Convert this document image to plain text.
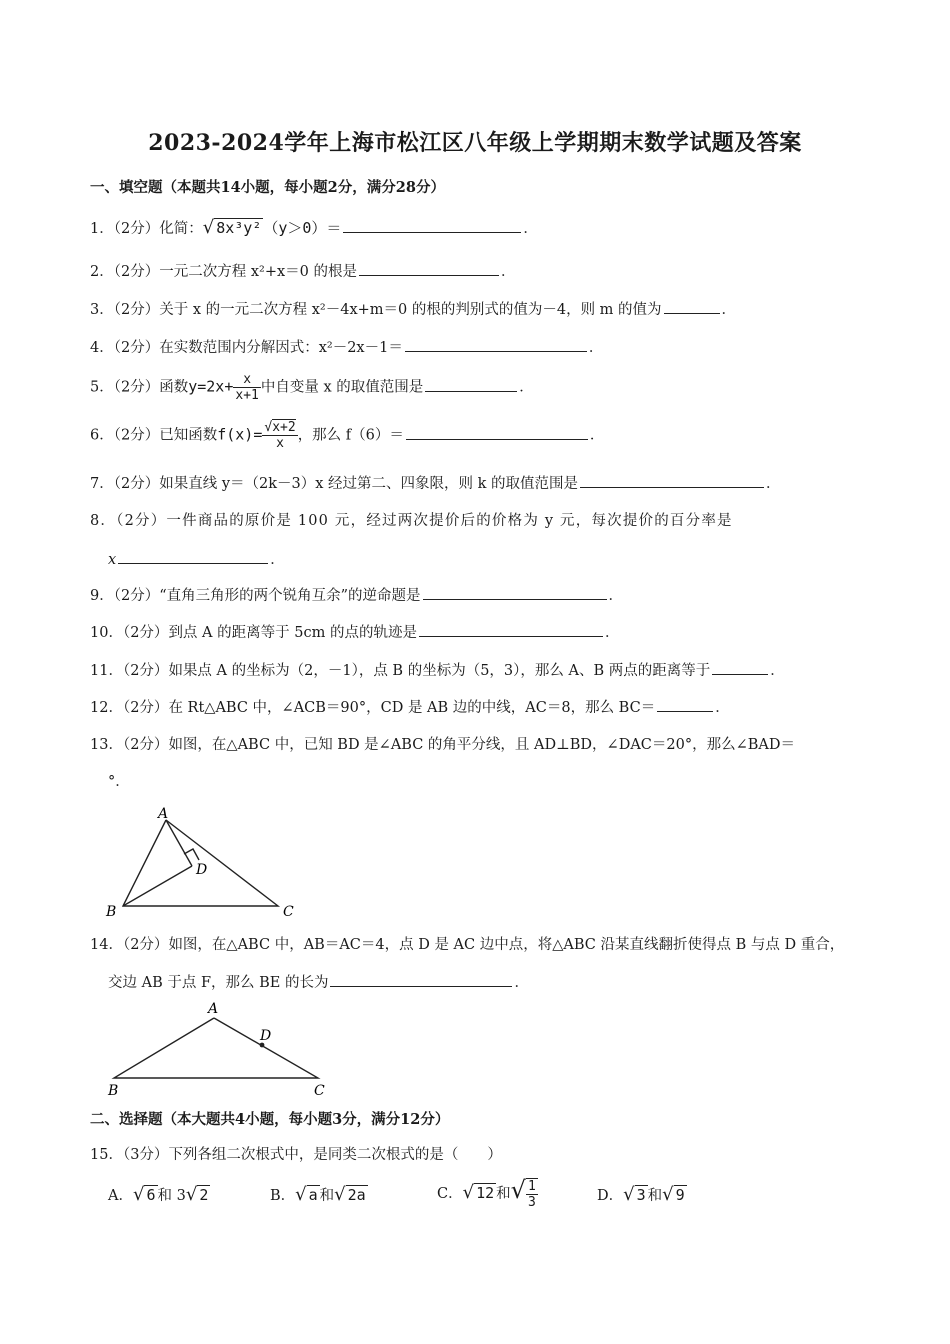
2023-2024学年上海市松江区八年级上学期期末数学试题及答案
一、填空题（本题共14小题，每小题2分，满分28分）
1．（2分）化简：√ 8x³y² （y＞0）＝	．
2．（2分）一元二次方程 x²+x＝0 的根是	．
3．（2分）关于 x 的一元二次方程 x²－4x+m＝0 的根的判别式的值为－4，则 m 的值为	．
4．（2分）在实数范围内分解因式：x²－2x－1＝	．
5．（2分）函数$y=2x+ \frac{x}{x+1}$ 中自变量 x 的取值范围是	．
6．（2分）已知函数$f(x)= \frac{√x+2}{x}$ ，那么 f（6）＝	．
7．（2分）如果直线 y＝（2k－3）x 经过第二、四象限，则 k 的取值范围是	．
8．（2分）一件商品的原价是 100 元，经过两次提价后的价格为 y 元，每次提价的百分率是
x	．
9．（2分）“直角三角形的两个锐角互余”的逆命题是	．
10．（2分）到点 A 的距离等于 5cm 的点的轨迹是	．
11．（2分）如果点 A 的坐标为（2，－1），点 B 的坐标为（5，3），那么 A、B 两点的距离等于	．
12．（2分）在 Rt△ABC 中，∠ACB＝90°，CD 是 AB 边的中线，AC＝8，那么 BC＝	．
13．（2分）如图，在△ABC 中，已知 BD 是∠ABC 的角平分线，且 AD⊥BD，∠DAC＝20°，那么∠BAD＝
°．
A
B	C
D
14．（2分）如图，在△ABC 中，AB＝AC＝4，点 D 是 AC 边中点，将△ABC 沿某直线翻折使得点 B 与点 D 重合，
交边 AB 于点 F，那么 BE 的长为	．
A
B	C
D
二、选择题（本大题共4小题，每小题3分，满分12分）
15．（3分）下列各组二次根式中，是同类二次根式的是（　　）
A．√ 6 和 3√ 2	B．√ a 和√ 2a	C．√ 12 和√ $\frac{1}{3}$	D．√ 3 和√ 9
